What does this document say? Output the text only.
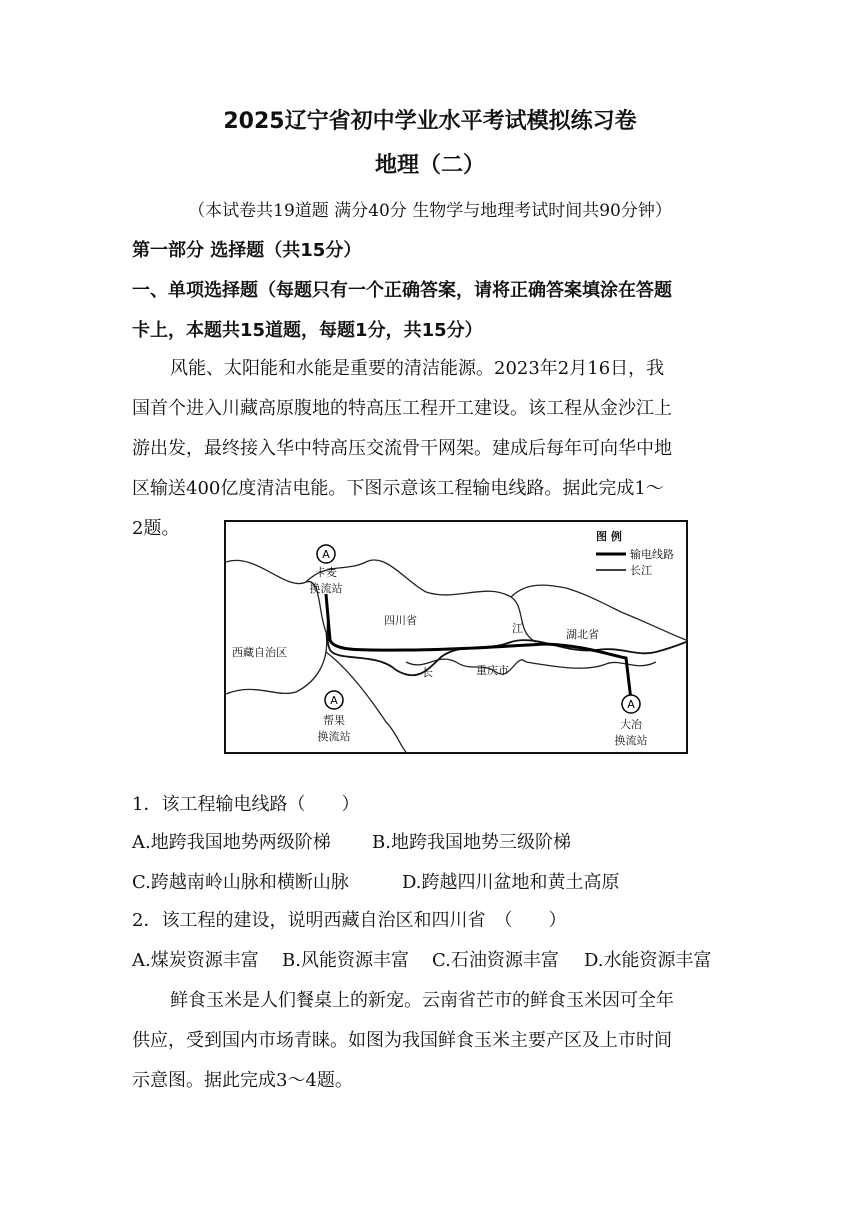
2025辽宁省初中学业水平考试模拟练习卷
地理（二）
（本试卷共19道题 满分40分 生物学与地理考试时间共90分钟）
第一部分 选择题（共15分）
一、单项选择题（每题只有一个正确答案，请将正确答案填涂在答题
卡上，本题共15道题，每题1分，共15分）
风能、太阳能和水能是重要的清洁能源。2023年2月16日，我
国首个进入川藏高原腹地的特高压工程开工建设。该工程从金沙江上
游出发，最终接入华中特高压交流骨干网架。建成后每年可向华中地
区输送400亿度清洁电能。下图示意该工程输电线路。据此完成1～
2题。
A
A	A
图 例
输电线路
长江
卡麦
换流站
帮果
换流站
大冶
换流站
西藏自治区
四川省
湖北省
重庆市
江
长
1．该工程输电线路（　　）
A.地跨我国地势两级阶梯 B.地跨我国地势三级阶梯
C.跨越南岭山脉和横断山脉	D.跨越四川盆地和黄土高原
2．该工程的建设，说明西藏自治区和四川省　（　　）
A.煤炭资源丰富 B.风能资源丰富 C.石油资源丰富 D.水能资源丰富
鲜食玉米是人们餐桌上的新宠。云南省芒市的鲜食玉米因可全年
供应，受到国内市场青睐。如图为我国鲜食玉米主要产区及上市时间
示意图。据此完成3～4题。
